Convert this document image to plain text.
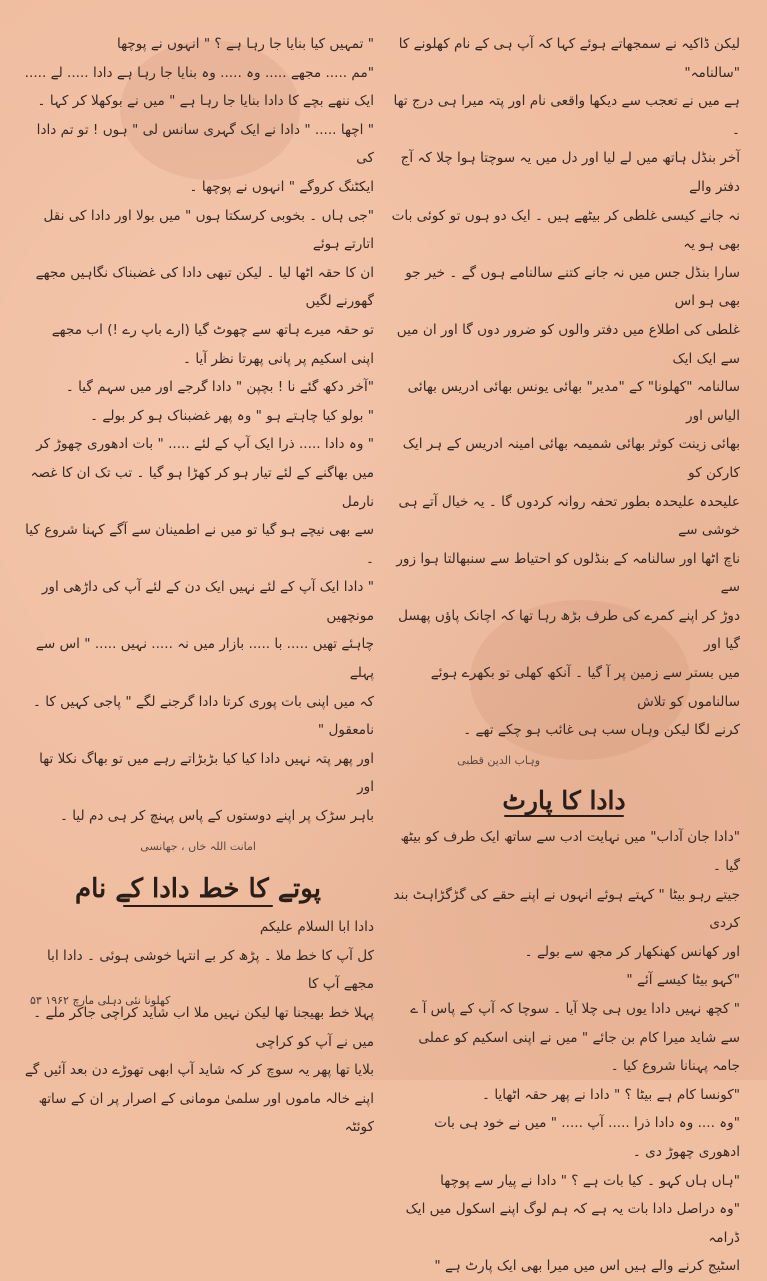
لیکن ڈاکیہ نے سمجھاتے ہوئے کہا کہ آپ ہی کے نام کھلونے کا "سالنامہ"

ہے میں نے تعجب سے دیکھا واقعی نام اور پتہ میرا ہی درج تھا ۔

آخر بنڈل ہاتھ میں لے لیا اور دل میں یہ سوچتا ہوا چلا کہ آج دفتر والے

نہ جانے کیسی غلطی کر بیٹھے ہیں ۔ ایک دو ہوں تو کوئی بات بھی ہو یہ

سارا بنڈل جس میں نہ جانے کتنے سالنامے ہوں گے ۔ خیر جو بھی ہو اس

غلطی کی اطلاع میں دفتر والوں کو ضرور دوں گا اور ان میں سے ایک ایک

سالنامہ "کھلونا" کے "مدیر" بھائی یونس بھائی ادریس بھائی الیاس اور

بھائی زینت کوثر بھائی شمیمہ بھائی امینہ ادریس کے ہر ایک کارکن کو

علیحدہ علیحدہ بطور تحفہ روانہ کردوں گا ۔ یہ خیال آتے ہی خوشی سے

ناچ اٹھا اور سالنامہ کے بنڈلوں کو احتیاط سے سنبھالتا ہوا زور سے

دوڑ کر اپنے کمرے کی طرف بڑھ رہا تھا کہ اچانک پاؤں پھسل گیا اور

میں بستر سے زمین پر آ گیا ۔ آنکھ کھلی تو بکھرے ہوئے سالناموں کو تلاش

کرنے لگا لیکن وہاں سب ہی غائب ہو چکے تھے ۔

وہاب الدین قطبی

دادا کا پارٹ

"دادا جان آداب" میں نہایت ادب سے ساتھ ایک طرف کو بیٹھ گیا ۔

جیتے رہو بیٹا " کہتے ہوئے انہوں نے اپنے حقے کی گڑگڑاہٹ بند کردی

اور کھانس کھنکھار کر مجھ سے بولے ۔

"کہو بیٹا کیسے آئے "

" کچھ نہیں دادا یوں ہی چلا آیا ۔ سوچا کہ آپ کے پاس آ ے

سے شاید میرا کام بن جائے " میں نے اپنی اسکیم کو عملی جامہ پہنانا شروع کیا ۔

"کونسا کام ہے بیٹا ؟ " دادا نے پھر حقہ اٹھایا ۔

"وہ .... وہ دادا ذرا ..... آپ ..... " میں نے خود ہی بات

ادھوری چھوڑ دی ۔

"ہاں ہاں کہو ۔ کیا بات ہے ؟ " دادا نے پیار سے پوچھا

"وہ دراصل دادا بات یہ ہے کہ ہم لوگ اپنے اسکول میں ایک ڈرامہ

اسٹیج کرنے والے ہیں اس میں میرا بھی ایک پارٹ ہے "

" تمہیں کیا بنایا جا رہا ہے ؟ " انہوں نے پوچھا

"مم ..... مجھے ..... وہ ..... وہ بنایا جا رہا ہے دادا ..... لے .....

ایک ننھے بچے کا دادا بنایا جا رہا ہے " میں نے بوکھلا کر کہا ۔

" اچھا ..... " دادا نے ایک گہری سانس لی " ہوں ! تو تم دادا کی

ایکٹنگ کروگے " انہوں نے پوچھا ۔

"جی ہاں ۔ بخوبی کرسکتا ہوں " میں بولا اور دادا کی نقل اتارتے ہوئے

ان کا حقہ اٹھا لیا ۔ لیکن تبھی دادا کی غضبناک نگاہیں مجھے گھورنے لگیں

تو حقہ میرے ہاتھ سے چھوٹ گیا (ارے باپ رے !) اب مجھے

اپنی اسکیم پر پانی پھرتا نظر آیا ۔

"آخر دکھ گئے نا ! بچپن " دادا گرجے اور میں سہم گیا ۔

" بولو کیا چاہتے ہو " وہ پھر غضبناک ہو کر بولے ۔

" وہ دادا ..... ذرا ایک آپ کے لئے ..... " بات ادھوری چھوڑ کر

میں بھاگنے کے لئے تیار ہو کر کھڑا ہو گیا ۔ تب تک ان کا غصہ نارمل

سے بھی نیچے ہو گیا تو میں نے اطمینان سے آگے کہنا شروع کیا ۔

" دادا ایک آپ کے لئے نہیں ایک دن کے لئے آپ کی داڑھی اور مونچھیں

چاہئے تھیں ..... با ..... بازار میں نہ ..... نہیں ..... " اس سے پہلے

کہ میں اپنی بات پوری کرتا دادا گرجنے لگے " پاجی کہیں کا ۔ نامعقول "

اور پھر پتہ نہیں دادا کیا کیا بڑبڑاتے رہے میں تو بھاگ نکلا تھا اور

باہر سڑک پر اپنے دوستوں کے پاس پہنچ کر ہی دم لیا ۔

امانت اللہ خاں ، جھانسی

پوتے کا خط دادا کے نام

دادا ابا السلام علیکم

کل آپ کا خط ملا ۔ پڑھ کر بے انتہا خوشی ہوئی ۔ دادا ابا مجھے آپ کا

پہلا خط بھیجنا تھا لیکن نہیں ملا اب شاید کراچی جاکر ملے ۔ میں نے آپ کو کراچی

بلایا تھا پھر یہ سوچ کر کہ شاید آپ ابھی تھوڑے دن بعد آئیں گے

اپنے خالہ ماموں اور سلمیٰ مومانی کے اصرار پر ان کے ساتھ کوئٹہ

کھلونا نئی دہلی مارچ ۱۹۶۲ ۵۳
